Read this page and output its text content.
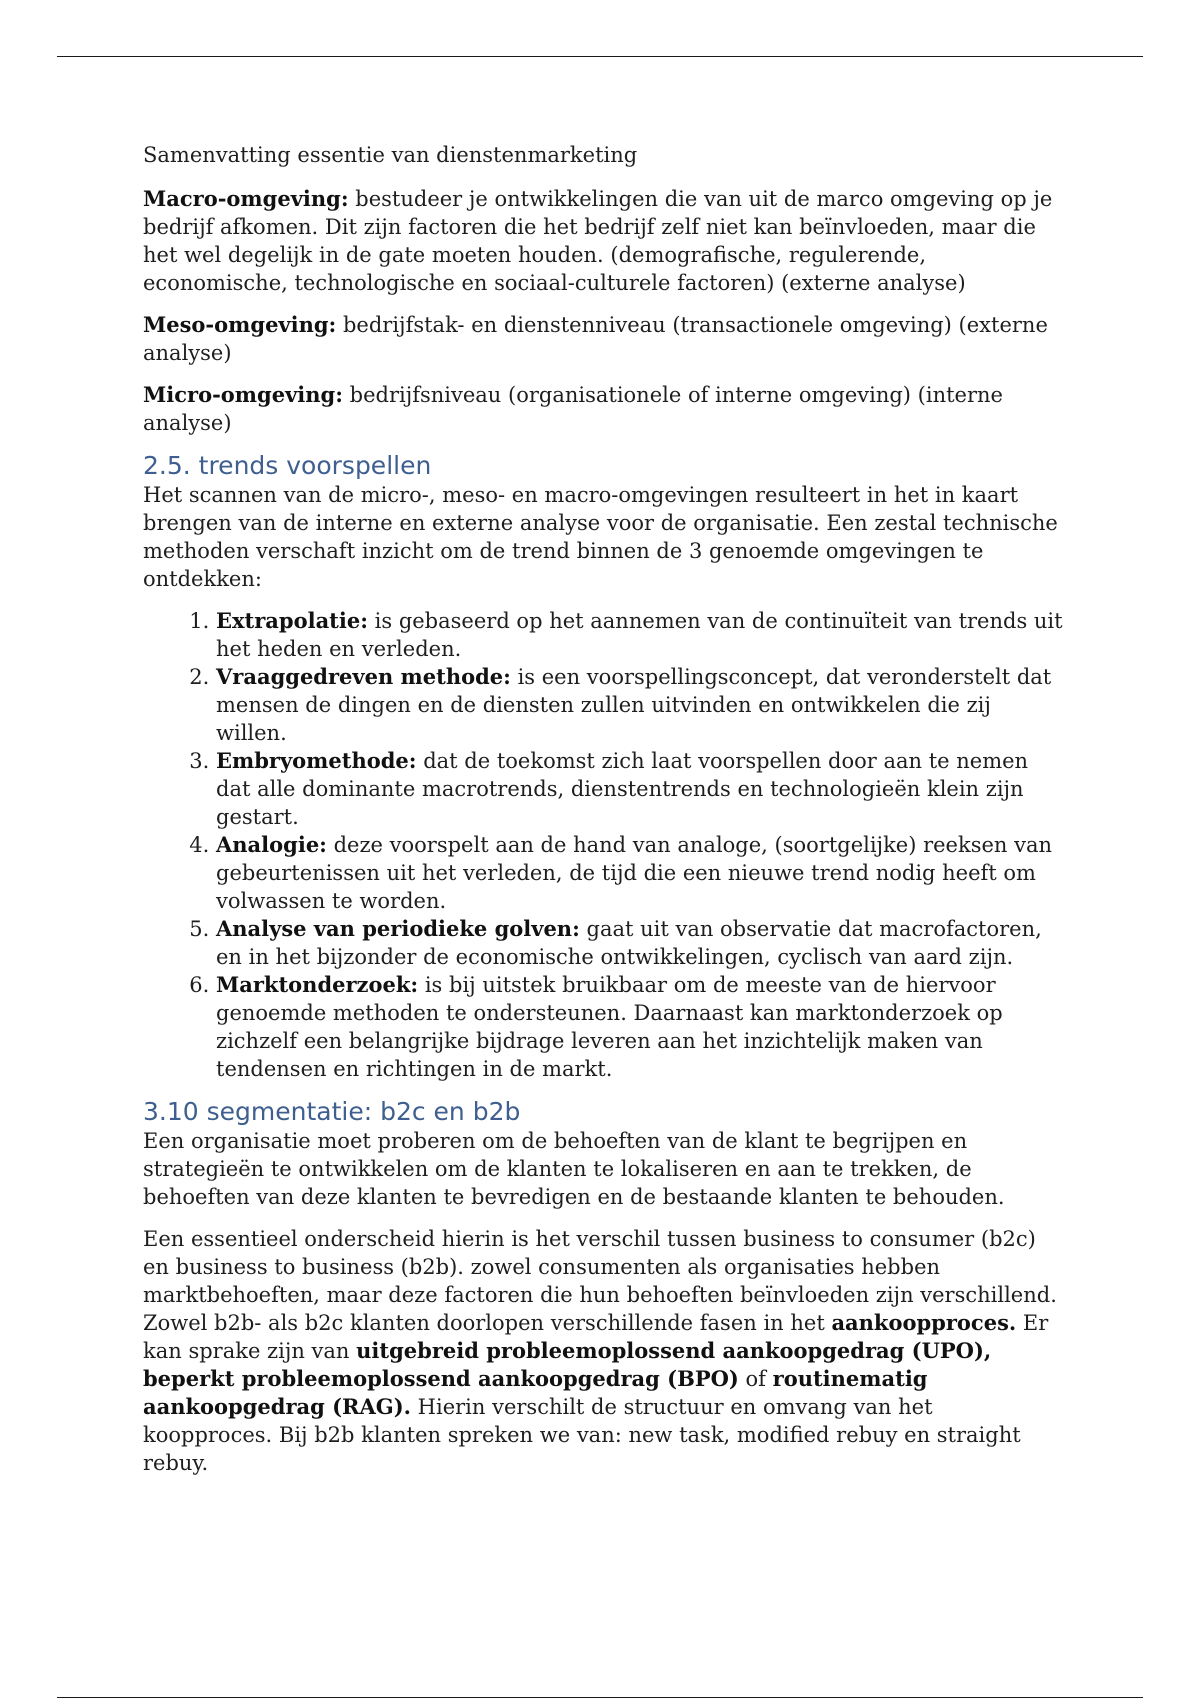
Samenvatting essentie van dienstenmarketing

Macro-omgeving: bestudeer je ontwikkelingen die van uit de marco omgeving op je bedrijf afkomen. Dit zijn factoren die het bedrijf zelf niet kan beïnvloeden, maar die het wel degelijk in de gate moeten houden. (demografische, regulerende, economische, technologische en sociaal-culturele factoren) (externe analyse)

Meso-omgeving: bedrijfstak- en dienstenniveau (transactionele omgeving) (externe analyse)

Micro-omgeving: bedrijfsniveau (organisationele of interne omgeving) (interne analyse)

2.5. trends voorspellen

Het scannen van de micro-, meso- en macro-omgevingen resulteert in het in kaart brengen van de interne en externe analyse voor de organisatie. Een zestal technische methoden verschaft inzicht om de trend binnen de 3 genoemde omgevingen te ontdekken:

1. Extrapolatie: is gebaseerd op het aannemen van de continuïteit van trends uit het heden en verleden.
2. Vraaggedreven methode: is een voorspellingsconcept, dat veronderstelt dat mensen de dingen en de diensten zullen uitvinden en ontwikkelen die zij willen.
3. Embryomethode: dat de toekomst zich laat voorspellen door aan te nemen dat alle dominante macrotrends, dienstentrends en technologieën klein zijn gestart.
4. Analogie: deze voorspelt aan de hand van analoge, (soortgelijke) reeksen van gebeurtenissen uit het verleden, de tijd die een nieuwe trend nodig heeft om volwassen te worden.
5. Analyse van periodieke golven: gaat uit van observatie dat macrofactoren, en in het bijzonder de economische ontwikkelingen, cyclisch van aard zijn.
6. Marktonderzoek: is bij uitstek bruikbaar om de meeste van de hiervoor genoemde methoden te ondersteunen. Daarnaast kan marktonderzoek op zichzelf een belangrijke bijdrage leveren aan het inzichtelijk maken van tendensen en richtingen in de markt.
3.10 segmentatie: b2c en b2b

Een organisatie moet proberen om de behoeften van de klant te begrijpen en strategieën te ontwikkelen om de klanten te lokaliseren en aan te trekken, de behoeften van deze klanten te bevredigen en de bestaande klanten te behouden.

Een essentieel onderscheid hierin is het verschil tussen business to consumer (b2c) en business to business (b2b). zowel consumenten als organisaties hebben marktbehoeften, maar deze factoren die hun behoeften beïnvloeden zijn verschillend. Zowel b2b- als b2c klanten doorlopen verschillende fasen in het aankoopproces. Er kan sprake zijn van uitgebreid probleemoplossend aankoopgedrag (UPO), beperkt probleemoplossend aankoopgedrag (BPO) of routinematig aankoopgedrag (RAG). Hierin verschilt de structuur en omvang van het koopproces. Bij b2b klanten spreken we van: new task, modified rebuy en straight rebuy.
